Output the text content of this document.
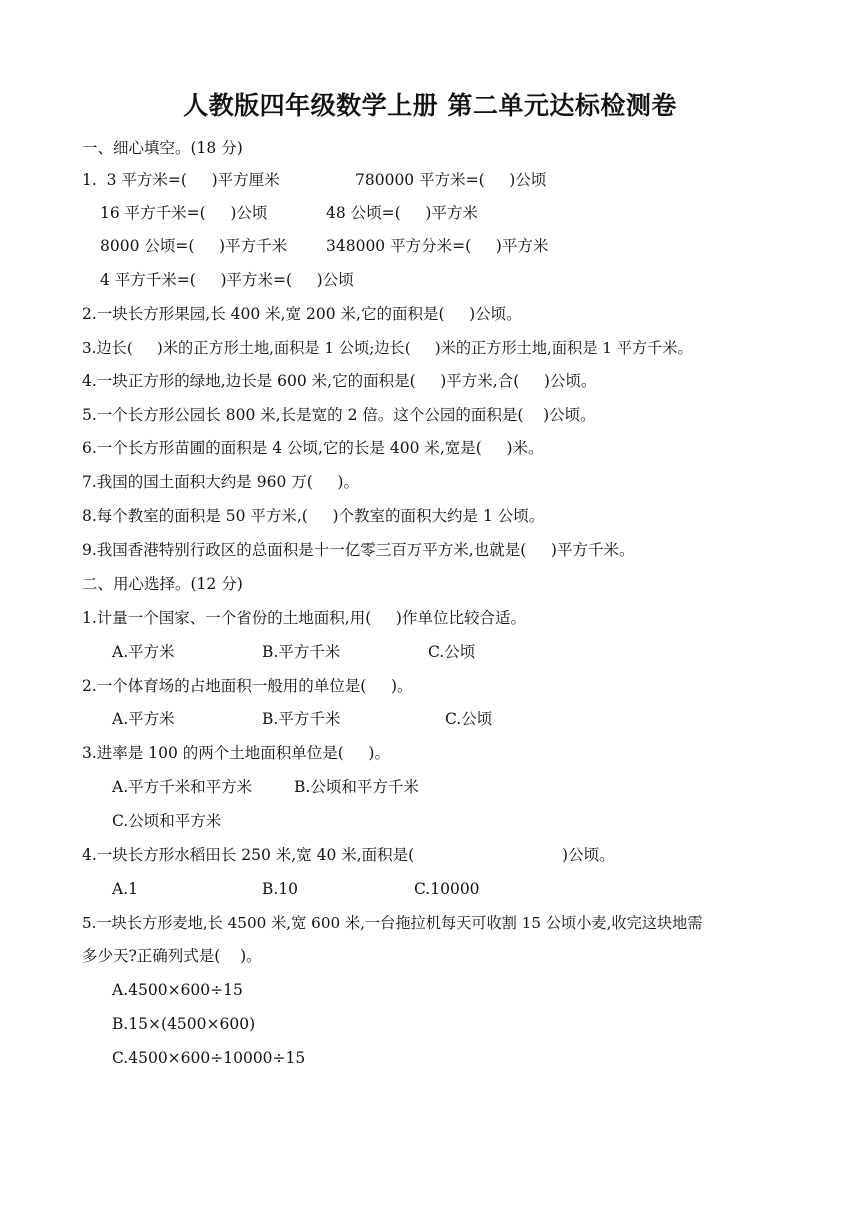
人教版四年级数学上册 第二单元达标检测卷
一、细心填空。(18 分)
1.  3 平方米=(     )平方厘米	780000 平方米=(     )公顷
16 平方千米=(     )公顷	48 公顷=(     )平方米
8000 公顷=(     )平方千米	348000 平方分米=(     )平方米
4 平方千米=(     )平方米=(     )公顷
2.一块长方形果园,长 400 米,宽 200 米,它的面积是(     )公顷。
3.边长(     )米的正方形土地,面积是 1 公顷;边长(     )米的正方形土地,面积是 1 平方千米。
4.一块正方形的绿地,边长是 600 米,它的面积是(     )平方米,合(     )公顷。
5.一个长方形公园长 800 米,长是宽的 2 倍。这个公园的面积是(    )公顷。
6.一个长方形苗圃的面积是 4 公顷,它的长是 400 米,宽是(     )米。
7.我国的国土面积大约是 960 万(     )。
8.每个教室的面积是 50 平方米,(     )个教室的面积大约是 1 公顷。
9.我国香港特别行政区的总面积是十一亿零三百万平方米,也就是(     )平方千米。
二、用心选择。(12 分)
1.计量一个国家、一个省份的土地面积,用(     )作单位比较合适。
A.平方米	B.平方千米	C.公顷
2.一个体育场的占地面积一般用的单位是(     )。
A.平方米	B.平方千米	C.公顷
3.进率是 100 的两个土地面积单位是(     )。
A.平方千米和平方米	B.公顷和平方千米
C.公顷和平方米
4.一块长方形水稻田长 250 米,宽 40 米,面积是(                              )公顷。
A.1	B.10	C.10000
5.一块长方形麦地,长 4500 米,宽 600 米,一台拖拉机每天可收割 15 公顷小麦,收完这块地需
多少天?正确列式是(    )。
A.4500×600÷15
B.15×(4500×600)
C.4500×600÷10000÷15
